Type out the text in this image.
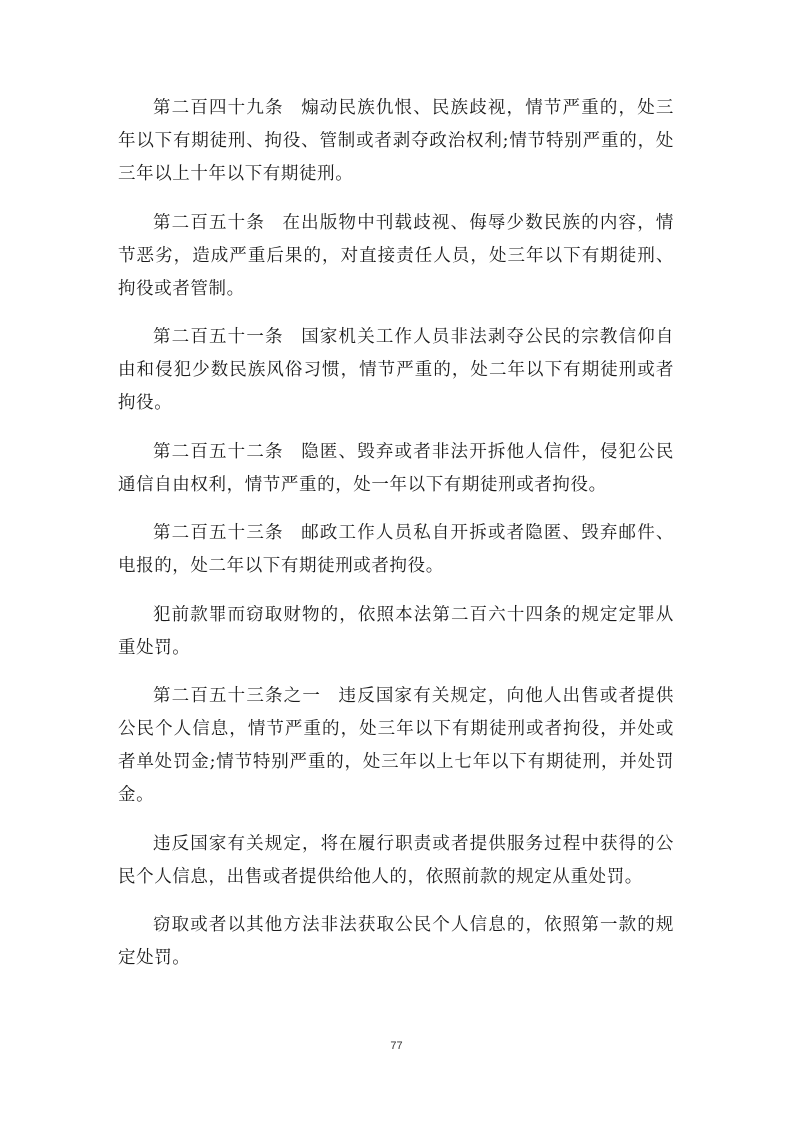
第二百四十九条 煽动民族仇恨、民族歧视，情节严重的，处三年以下有期徒刑、拘役、管制或者剥夺政治权利;情节特别严重的，处三年以上十年以下有期徒刑。

第二百五十条 在出版物中刊载歧视、侮辱少数民族的内容，情节恶劣，造成严重后果的，对直接责任人员，处三年以下有期徒刑、拘役或者管制。

第二百五十一条 国家机关工作人员非法剥夺公民的宗教信仰自由和侵犯少数民族风俗习惯，情节严重的，处二年以下有期徒刑或者拘役。

第二百五十二条 隐匿、毁弃或者非法开拆他人信件，侵犯公民通信自由权利，情节严重的，处一年以下有期徒刑或者拘役。

第二百五十三条 邮政工作人员私自开拆或者隐匿、毁弃邮件、电报的，处二年以下有期徒刑或者拘役。

犯前款罪而窃取财物的，依照本法第二百六十四条的规定定罪从重处罚。

第二百五十三条之一 违反国家有关规定，向他人出售或者提供公民个人信息，情节严重的，处三年以下有期徒刑或者拘役，并处或者单处罚金;情节特别严重的，处三年以上七年以下有期徒刑，并处罚金。

违反国家有关规定，将在履行职责或者提供服务过程中获得的公民个人信息，出售或者提供给他人的，依照前款的规定从重处罚。

窃取或者以其他方法非法获取公民个人信息的，依照第一款的规定处罚。

77
